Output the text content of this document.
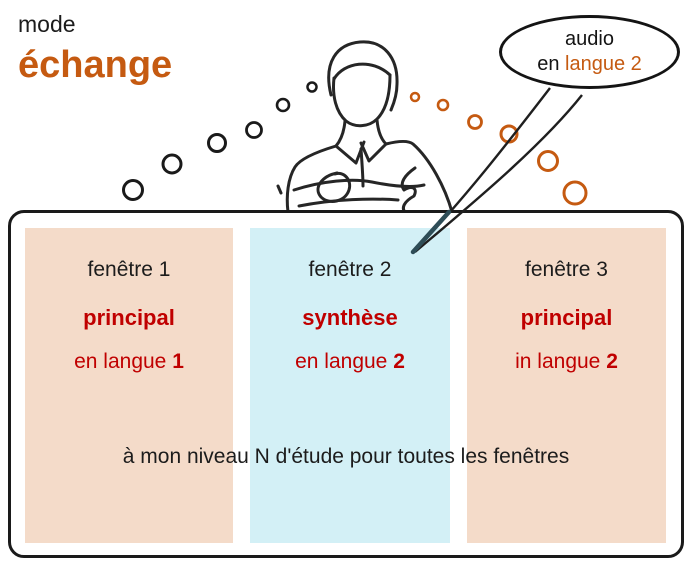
mode
échange
fenêtre 1
principal
en langue 1
fenêtre 2
synthèse
en langue 2
fenêtre 3
principal
in langue 2
à mon niveau N d'étude pour toutes les fenêtres
audio
en langue 2
